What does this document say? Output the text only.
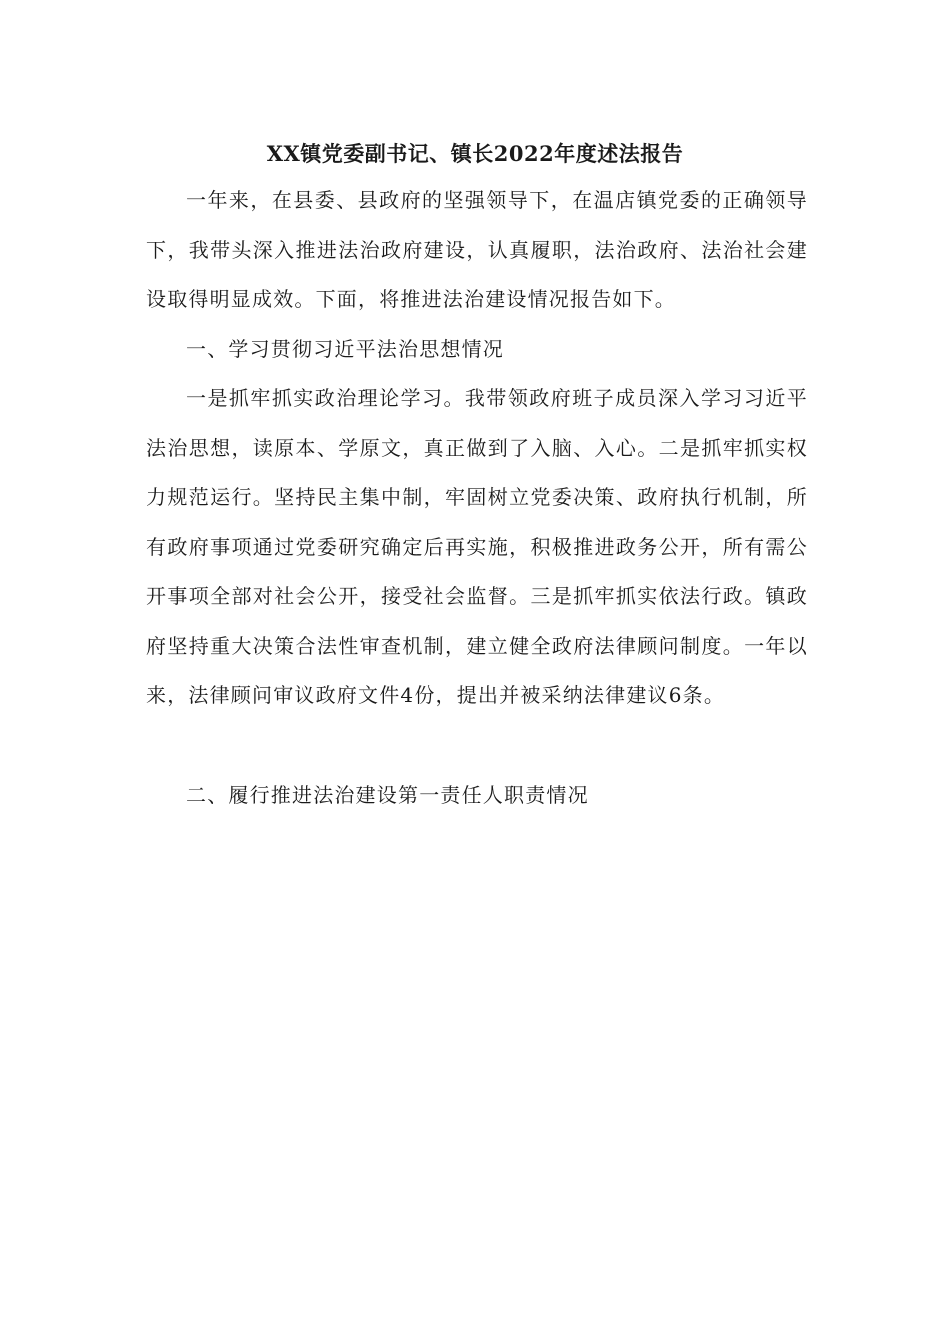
XX镇党委副书记、镇长2022年度述法报告

一年来，在县委、县政府的坚强领导下，在温店镇党委的正确领导下，我带头深入推进法治政府建设，认真履职，法治政府、法治社会建设取得明显成效。下面，将推进法治建设情况报告如下。

一、学习贯彻习近平法治思想情况

一是抓牢抓实政治理论学习。我带领政府班子成员深入学习习近平法治思想，读原本、学原文，真正做到了入脑、入心。二是抓牢抓实权力规范运行。坚持民主集中制，牢固树立党委决策、政府执行机制，所有政府事项通过党委研究确定后再实施，积极推进政务公开，所有需公开事项全部对社会公开，接受社会监督。三是抓牢抓实依法行政。镇政府坚持重大决策合法性审查机制，建立健全政府法律顾问制度。一年以来，法律顾问审议政府文件4份，提出并被采纳法律建议6条。

二、履行推进法治建设第一责任人职责情况
